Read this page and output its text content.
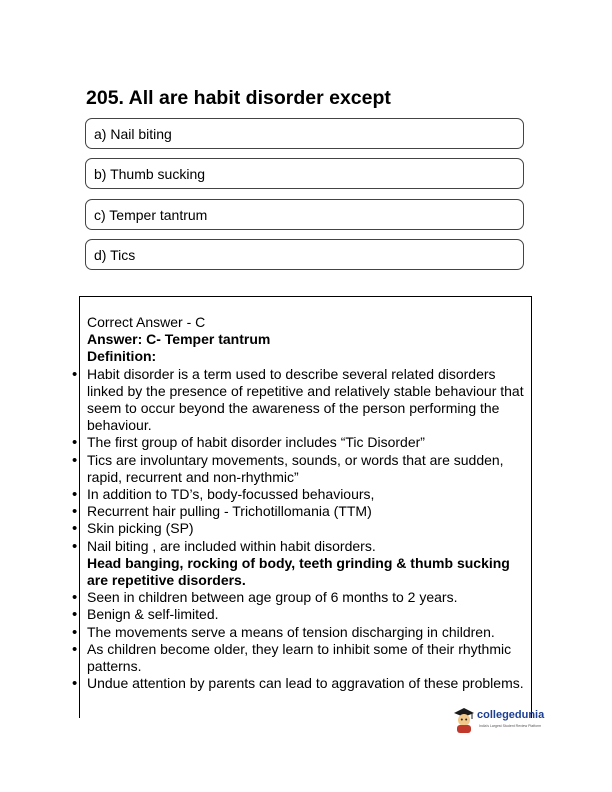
205. All are habit disorder except
a) Nail biting
b) Thumb sucking
c) Temper tantrum
d) Tics

Correct Answer - C

Answer: C- Temper tantrum

Definition:

• Habit disorder is a term used to describe several related disorders linked by the presence of repetitive and relatively stable behaviour that seem to occur beyond the awareness of the person performing the behaviour.
• The first group of habit disorder includes “Tic Disorder”
• Tics are involuntary movements, sounds, or words that are sudden, rapid, recurrent and non-rhythmic”
• In addition to TD’s, body-focussed behaviours,
• Recurrent hair pulling - Trichotillomania (TTM)
• Skin picking (SP)
• Nail biting , are included within habit disorders.

Head banging, rocking of body, teeth grinding & thumb sucking are repetitive disorders.

• Seen in children between age group of 6 months to 2 years.
• Benign & self-limited.
• The movements serve a means of tension discharging in children.
• As children become older, they learn to inhibit some of their rhythmic patterns.
• Undue attention by parents can lead to aggravation of these problems.
collegedunia
India's Largest Student Review Platform
